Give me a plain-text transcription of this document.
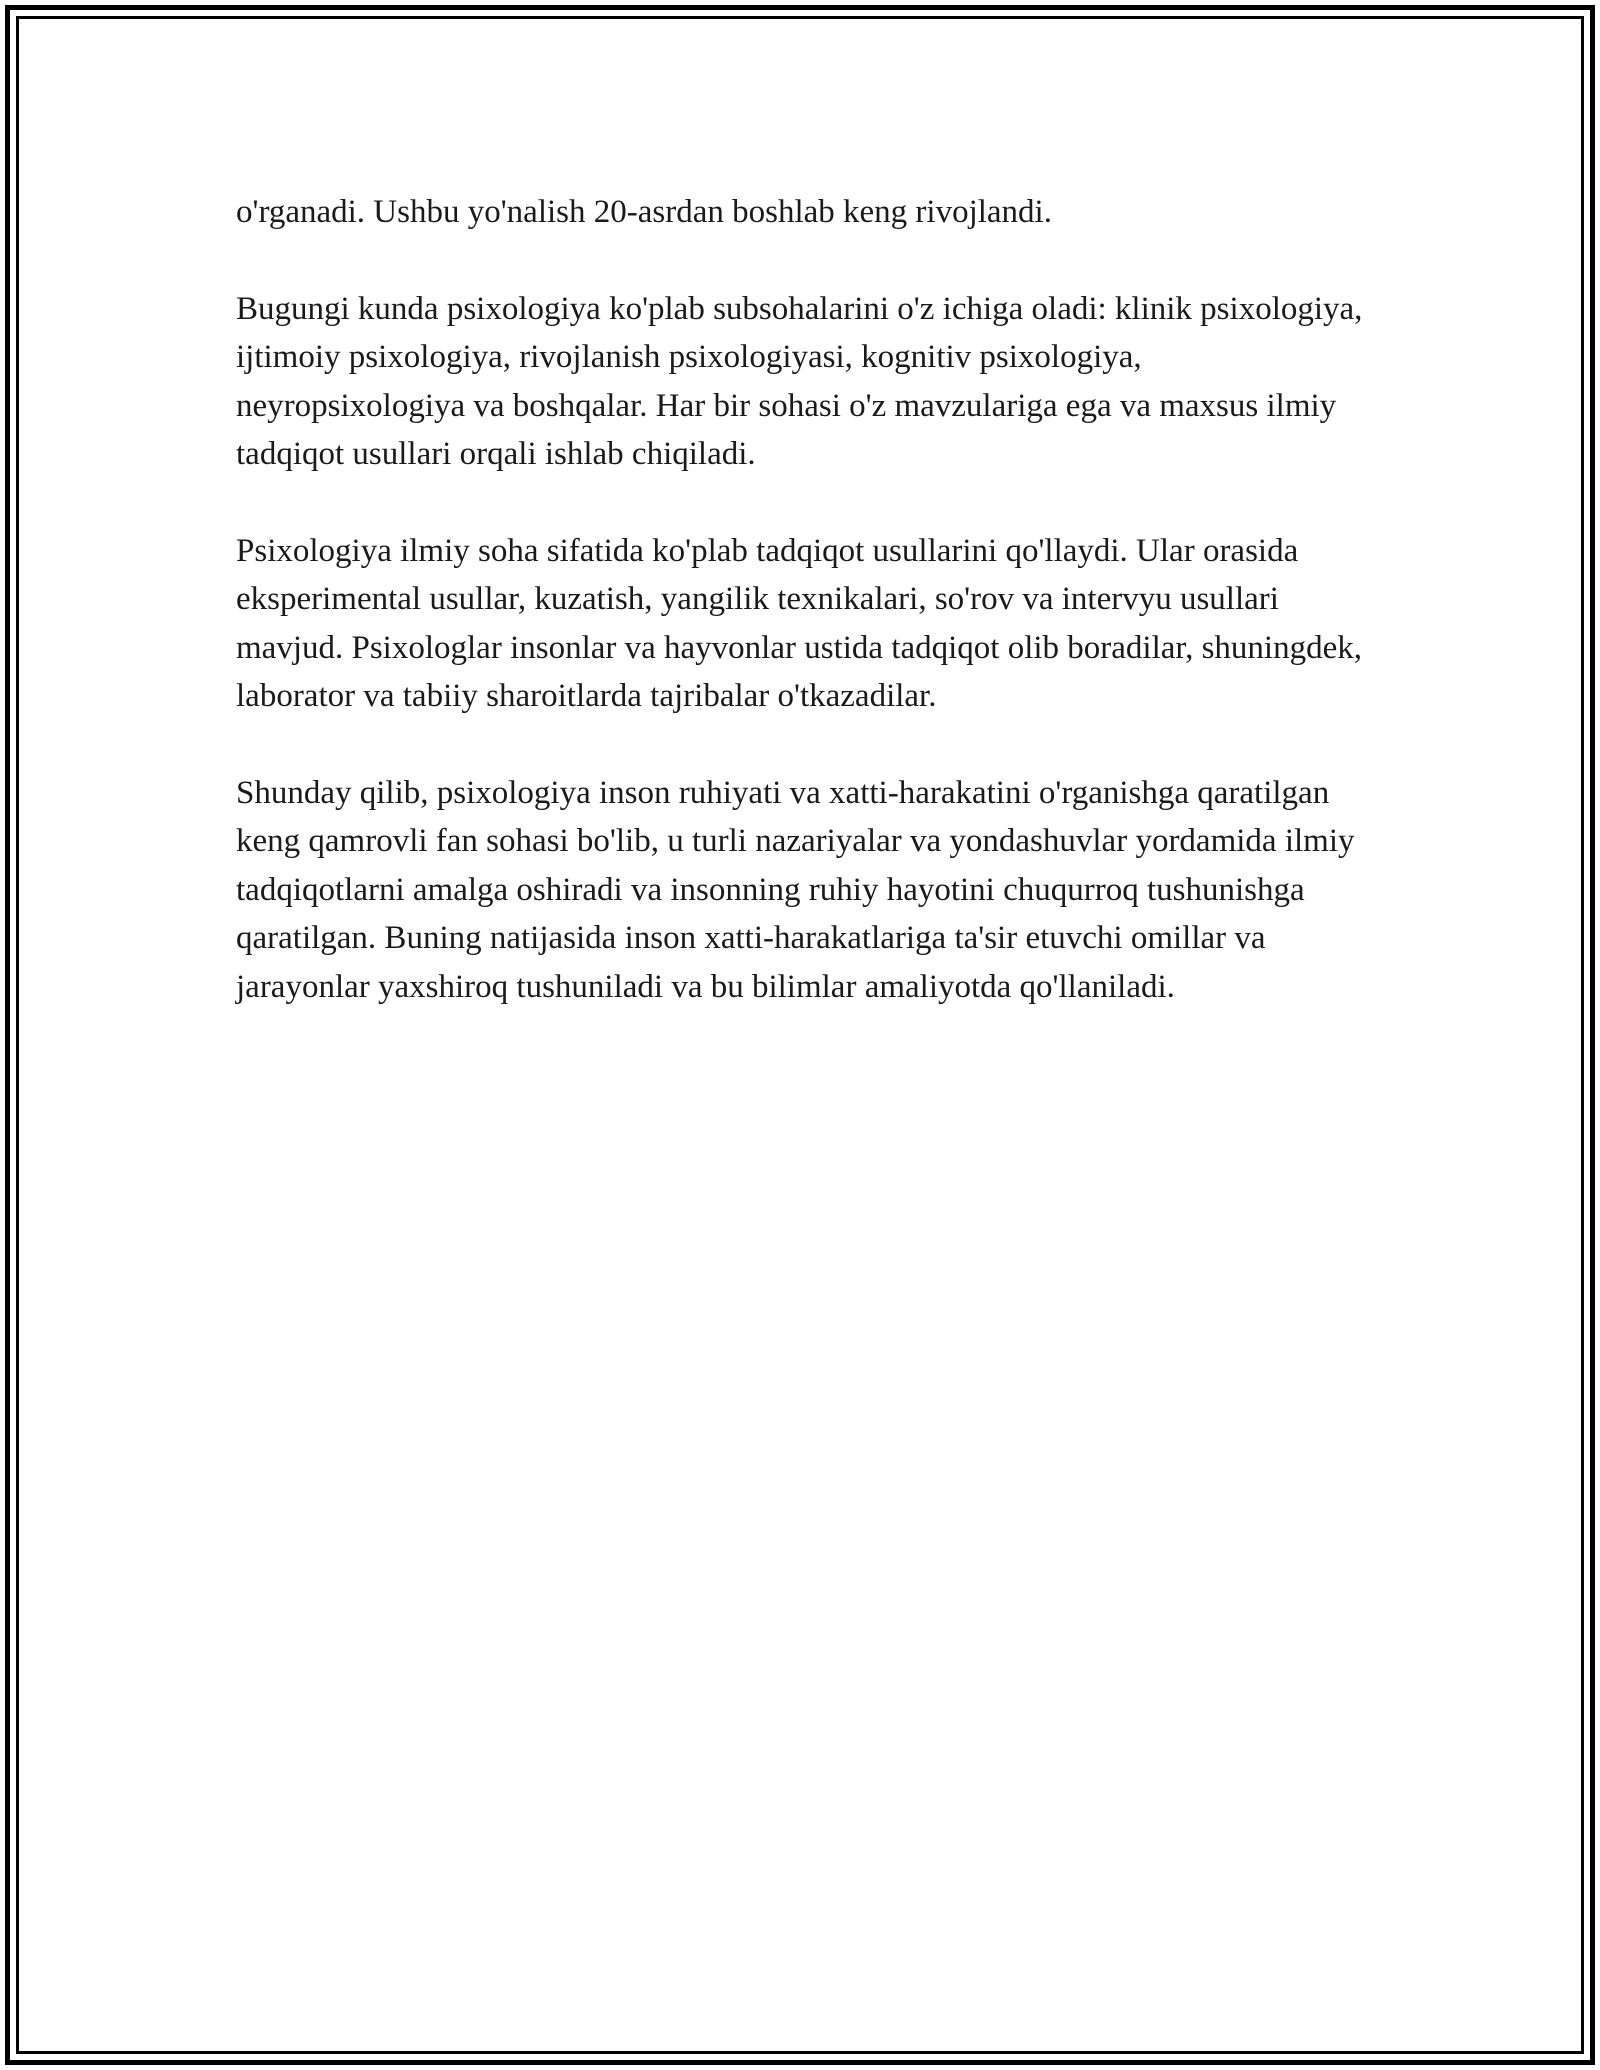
o'rganadi. Ushbu yo'nalish 20-asrdan boshlab keng rivojlandi.

Bugungi kunda psixologiya ko'plab subsohalarini o'z ichiga oladi: klinik psixologiya, ijtimoiy psixologiya, rivojlanish psixologiyasi, kognitiv psixologiya, neyropsixologiya va boshqalar. Har bir sohasi o'z mavzulariga ega va maxsus ilmiy tadqiqot usullari orqali ishlab chiqiladi.

Psixologiya ilmiy soha sifatida ko'plab tadqiqot usullarini qo'llaydi. Ular orasida eksperimental usullar, kuzatish, yangilik texnikalari, so'rov va intervyu usullari mavjud. Psixologlar insonlar va hayvonlar ustida tadqiqot olib boradilar, shuningdek, laborator va tabiiy sharoitlarda tajribalar o'tkazadilar.

Shunday qilib, psixologiya inson ruhiyati va xatti-harakatini o'rganishga qaratilgan keng qamrovli fan sohasi bo'lib, u turli nazariyalar va yondashuvlar yordamida ilmiy tadqiqotlarni amalga oshiradi va insonning ruhiy hayotini chuqurroq tushunishga qaratilgan. Buning natijasida inson xatti-harakatlariga ta'sir etuvchi omillar va jarayonlar yaxshiroq tushuniladi va bu bilimlar amaliyotda qo'llaniladi.
